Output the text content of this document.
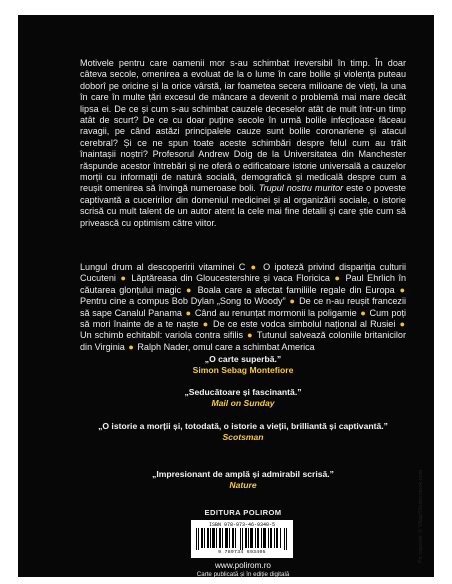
Motivele pentru care oamenii mor s-au schimbat ireversibil în timp. În doar câteva secole, omenirea a evoluat de la o lume în care bolile și violența puteau doborî pe oricine și la orice vârstă, iar foametea secera milioane de vieți, la una în care în multe țări excesul de mâncare a devenit o problemă mai mare decât lipsa ei. De ce și cum s-au schimbat cauzele deceselor atât de mult într-un timp atât de scurt? De ce cu doar puține secole în urmă bolile infecțioase făceau ravagii, pe când astăzi principalele cauze sunt bolile coronariene și atacul cerebral? Și ce ne spun toate aceste schimbări despre felul cum au trăit înaintașii noștri? Profesorul Andrew Doig de la Universitatea din Manchester răspunde acestor întrebări și ne oferă o edificatoare istorie universală a cauzelor morții cu informații de natură socială, demografică și medicală despre cum a reușit omenirea să învingă numeroase boli. Trupul nostru muritor este o poveste captivantă a cuceririlor din domeniul medicinei și al organizării sociale, o istorie scrisă cu mult talent de un autor atent la cele mai fine detalii și care știe cum să privească cu optimism către viitor.

Lungul drum al descoperirii vitaminei C ● O ipoteză privind dispariția culturii Cucuteni ● Lăptăreasa din Gloucestershire și vaca Floricica ● Paul Ehrlich în căutarea glonțului magic ● Boala care a afectat familiile regale din Europa ● Pentru cine a compus Bob Dylan „Song to Woody” ● De ce n-au reușit francezii să sape Canalul Panama ● Când au renunțat mormonii la poligamie ● Cum poți să mori înainte de a te naște ● De ce este vodca simbolul național al Rusiei ● Un schimb echitabil: variola contra sifilis ● Tutunul salvează coloniile britanicilor din Virginia ● Ralph Nader, omul care a schimbat America

„O carte superbă.”
Simon Sebag Montefiore
„Seducătoare și fascinantă.”
Mail on Sunday
„O istorie a morții și, totodată, o istorie a vieții, brilliantă și captivantă.”
Scotsman
„Impresionant de amplă și admirabil scrisă.”
Nature
EDITURA POLIROM
ISBN 978-973-46-9340-5
9 789734 693405
www.polirom.ro
Carte publicată și în ediție digitală
Pe copertă: © Vitap/Shutterstock.com
